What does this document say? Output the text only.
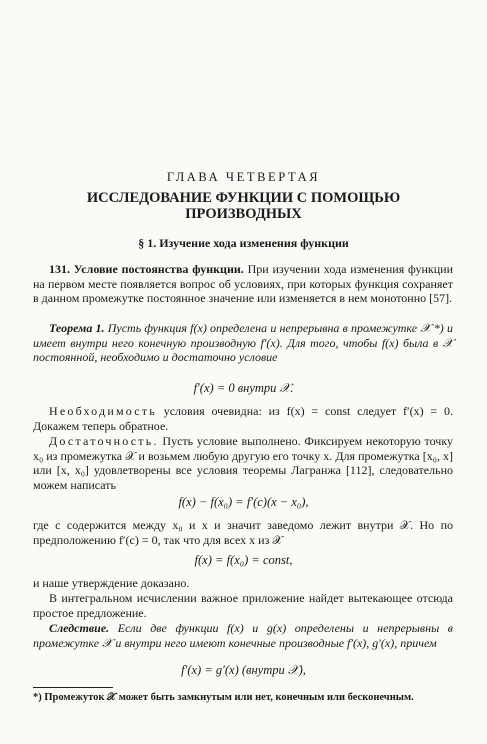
ГЛАВА ЧЕТВЕРТАЯ
ИССЛЕДОВАНИЕ ФУНКЦИИ С ПОМОЩЬЮ ПРОИЗВОДНЫХ
§ 1. Изучение хода изменения функции

131. Условие постоянства функции. При изучении хода изменения функции на первом месте появляется вопрос об условиях, при которых функция сохраняет в данном промежутке постоянное значение или изменяется в нем монотонно [57].

Теорема 1. Пусть функция f(x) определена и непрерывна в промежутке 𝒳 *) и имеет внутри него конечную производную f′(x). Для того, чтобы f(x) была в 𝒳 постоянной, необходимо и достаточно условие

f′(x) = 0 внутри 𝒳.

Необходимость условия очевидна: из f(x) = const следует f′(x) = 0. Докажем теперь обратное.

Достаточность. Пусть условие выполнено. Фиксируем некоторую точку x₀ из промежутка 𝒳 и возьмем любую другую его точку x. Для промежутка [x₀, x] или [x, x₀] удовлетворены все условия теоремы Лагранжа [112], следовательно можем написать

f(x) − f(x₀) = f′(c)(x − x₀),

где c содержится между x₀ и x и значит заведомо лежит внутри 𝒳. Но по предположению f′(c) = 0, так что для всех x из 𝒳

f(x) = f(x₀) = const,

и наше утверждение доказано.

В интегральном исчислении важное приложение найдет вытекающее отсюда простое предложение.

Следствие. Если две функции f(x) и g(x) определены и непрерывны в промежутке 𝒳 и внутри него имеют конечные производные f′(x), g′(x), причем

f′(x) = g′(x) (внутри 𝒳),
*) Промежуток 𝒳 может быть замкнутым или нет, конечным или бесконечным.
